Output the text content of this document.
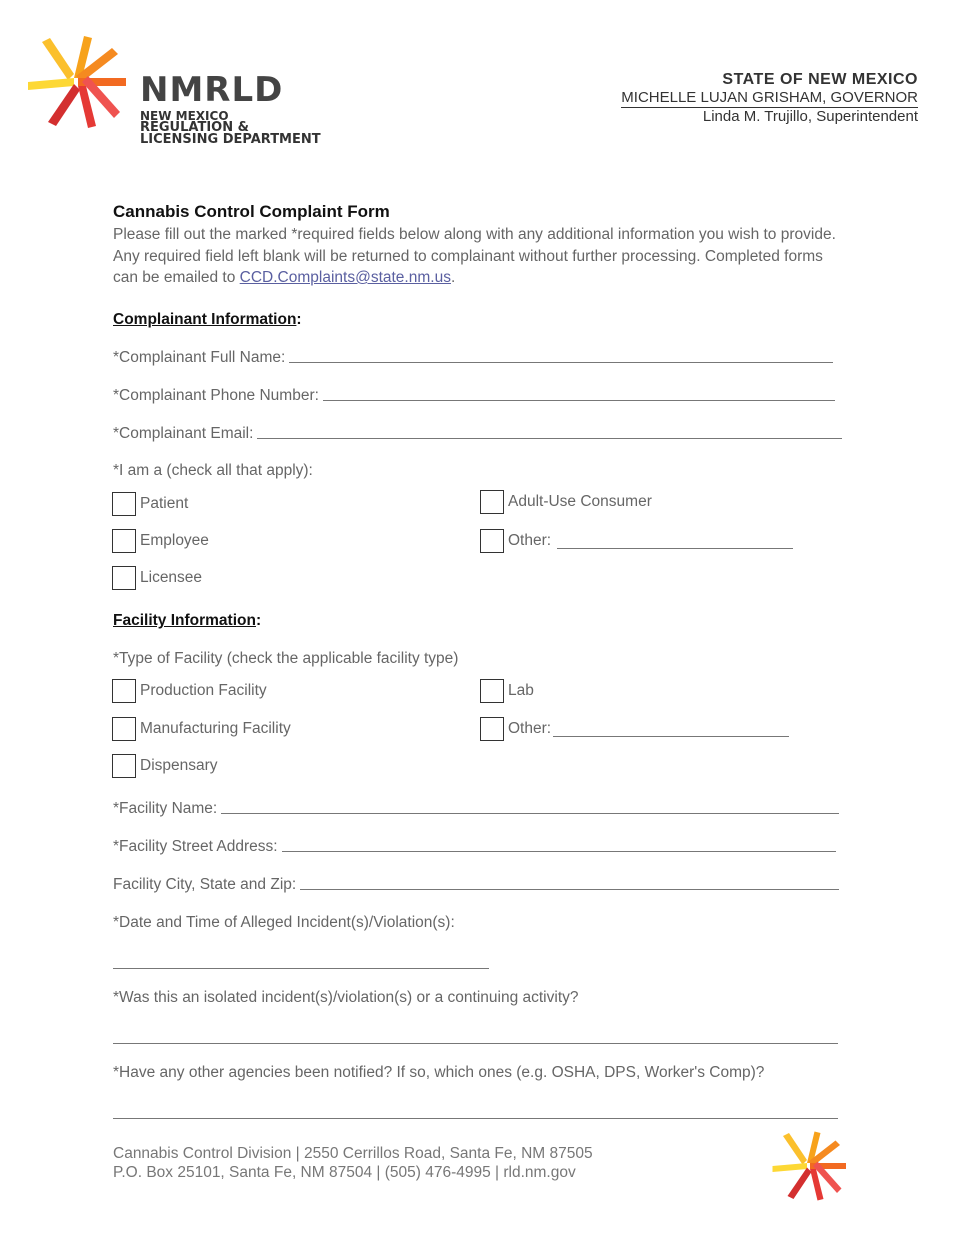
NMRLD
NEW MEXICO
REGULATION &
LICENSING DEPARTMENT
STATE OF NEW MEXICO
MICHELLE LUJAN GRISHAM, GOVERNOR
Linda M. Trujillo, Superintendent
Cannabis Control Complaint Form
Please fill out the marked *required fields below along with any additional information you wish to provide. Any required field left blank will be returned to complainant without further processing. Completed forms can be emailed to CCD.Complaints@state.nm.us.
Complainant Information:
*Complainant Full Name:
*Complainant Phone Number:
*Complainant Email:
*I am a (check all that apply):
Patient	Adult-Use Consumer
Employee	Other:
Licensee
Facility Information:
*Type of Facility (check the applicable facility type)
Production Facility	Lab
Manufacturing Facility	Other:
Dispensary
*Facility Name:
*Facility Street Address:
Facility City, State and Zip:
*Date and Time of Alleged Incident(s)/Violation(s):
*Was this an isolated incident(s)/violation(s) or a continuing activity?
*Have any other agencies been notified? If so, which ones (e.g. OSHA, DPS, Worker's Comp)?
Cannabis Control Division | 2550 Cerrillos Road, Santa Fe, NM 87505
P.O. Box 25101, Santa Fe, NM 87504 | (505) 476-4995 | rld.nm.gov
